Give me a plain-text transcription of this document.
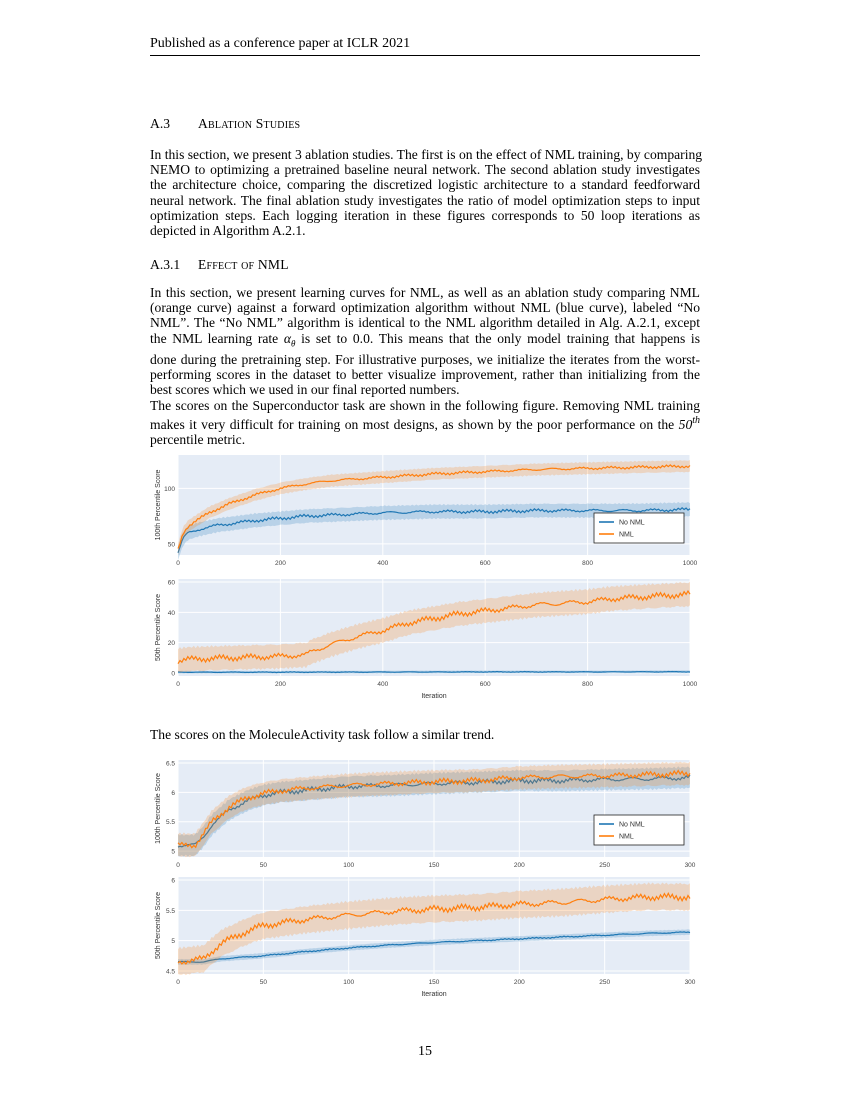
Published as a conference paper at ICLR 2021
A.3 Ablation Studies
In this section, we present 3 ablation studies. The first is on the effect of NML training, by comparing
NEMO to optimizing a pretrained baseline neural network. The second ablation study investigates
the architecture choice, comparing the discretized logistic architecture to a standard feedforward
neural network. The final ablation study investigates the ratio of model optimization steps to input
optimization steps. Each logging iteration in these figures corresponds to 50 loop iterations as
depicted in Algorithm A.2.1.
A.3.1 Effect of NML
In this section, we present learning curves for NML, as well as an ablation study comparing NML
(orange curve) against a forward optimization algorithm without NML (blue curve), labeled “No
NML”. The “No NML” algorithm is identical to the NML algorithm detailed in Alg. A.2.1, except
the NML learning rate $\alpha_\theta$ is set to 0.0. This means that the only model training that happens is
done during the pretraining step. For illustrative purposes, we initialize the iterates from the worst-
performing scores in the dataset to better visualize improvement, rather than initializing from the
best scores which we used in our final reported numbers.
The scores on the Superconductor task are shown in the following figure. Removing NML training
makes it very difficult for training on most designs, as shown by the poor performance on the 50th
percentile metric.
50
100
0	200	400	600	800	1000
100th Percentile Score	No NML
NML
0
20
40
60
0	200	400	600	800	1000
50th Percentile Score
Iteration
The scores on the MoleculeActivity task follow a similar trend.
5
5.5
6
6.5
0	50	100	150	200	250	300
100th Percentile Score	No NML
NML
4.5
5
5.5
6
0	50	100	150	200	250	300
50th Percentile Score
Iteration
15
